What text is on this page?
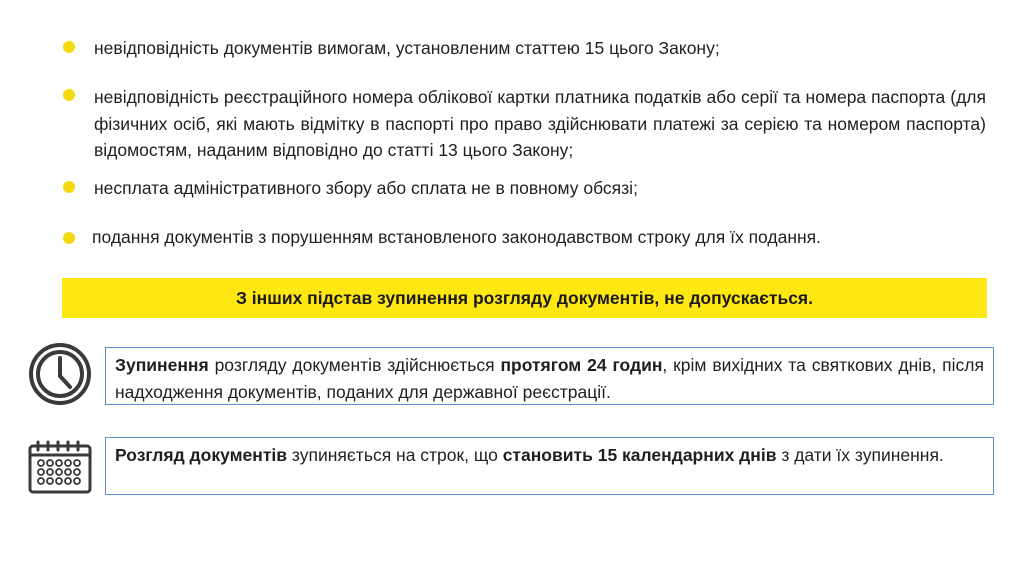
невідповідність документів вимогам, установленим статтею 15 цього Закону;
невідповідність реєстраційного номера облікової картки платника податків або серії та номера паспорта (для фізичних осіб, які мають відмітку в паспорті про право здійснювати платежі за серією та номером паспорта) відомостям, наданим відповідно до статті 13 цього Закону;
несплата адміністративного збору або сплата не в повному обсязі;
подання документів з порушенням встановленого законодавством строку для їх подання.
З інших підстав зупинення розгляду документів, не допускається.
Зупинення розгляду документів здійснюється протягом 24 годин, крім вихідних та святкових днів, після надходження документів, поданих для державної реєстрації.
Розгляд документів зупиняється на строк, що становить 15 календарних днів з дати їх зупинення.
